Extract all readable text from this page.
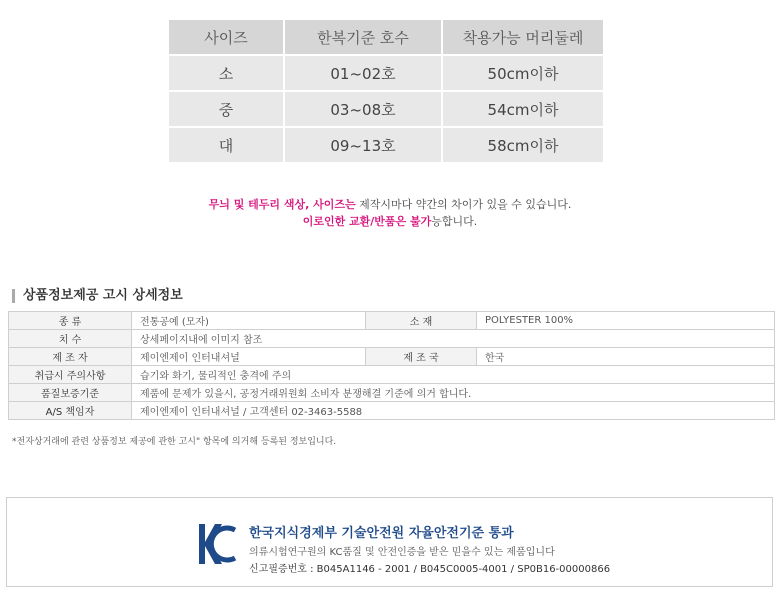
사이즈	한복기준 호수	착용가능 머리둘레
소	01~02호	50cm이하
중	03~08호	54cm이하
대	09~13호	58cm이하
무늬 및 테두리 색상, 사이즈는 제작시마다 약간의 차이가 있을 수 있습니다.
이로인한 교환/반품은 불가능합니다.
상품정보제공 고시 상세정보
종 류	전통공예 (모자)	소 재	POLYESTER 100%
치 수	상세페이지내에 이미지 참조		
제 조 자	제이엔제이 인터내셔널	제 조 국	한국
취급시 주의사항	습기와 화기, 물리적인 충격에 주의		
품질보증기준	제품에 문제가 있을시, 공정거래위원회 소비자 분쟁해결 기준에 의거 합니다.		
A/S 책임자	제이엔제이 인터내셔널 / 고객센터 02-3463-5588		
*전자상거래에 관련 상품정보 제공에 관한 고시" 항목에 의거해 등록된 정보입니다.
한국지식경제부 기술안전원 자율안전기준 통과
의류시험연구원의 KC품질 및 안전인증을 받은 믿을수 있는 제품입니다
신고필증번호 : B045A1146 - 2001 / B045C0005-4001 / SP0B16-00000866
